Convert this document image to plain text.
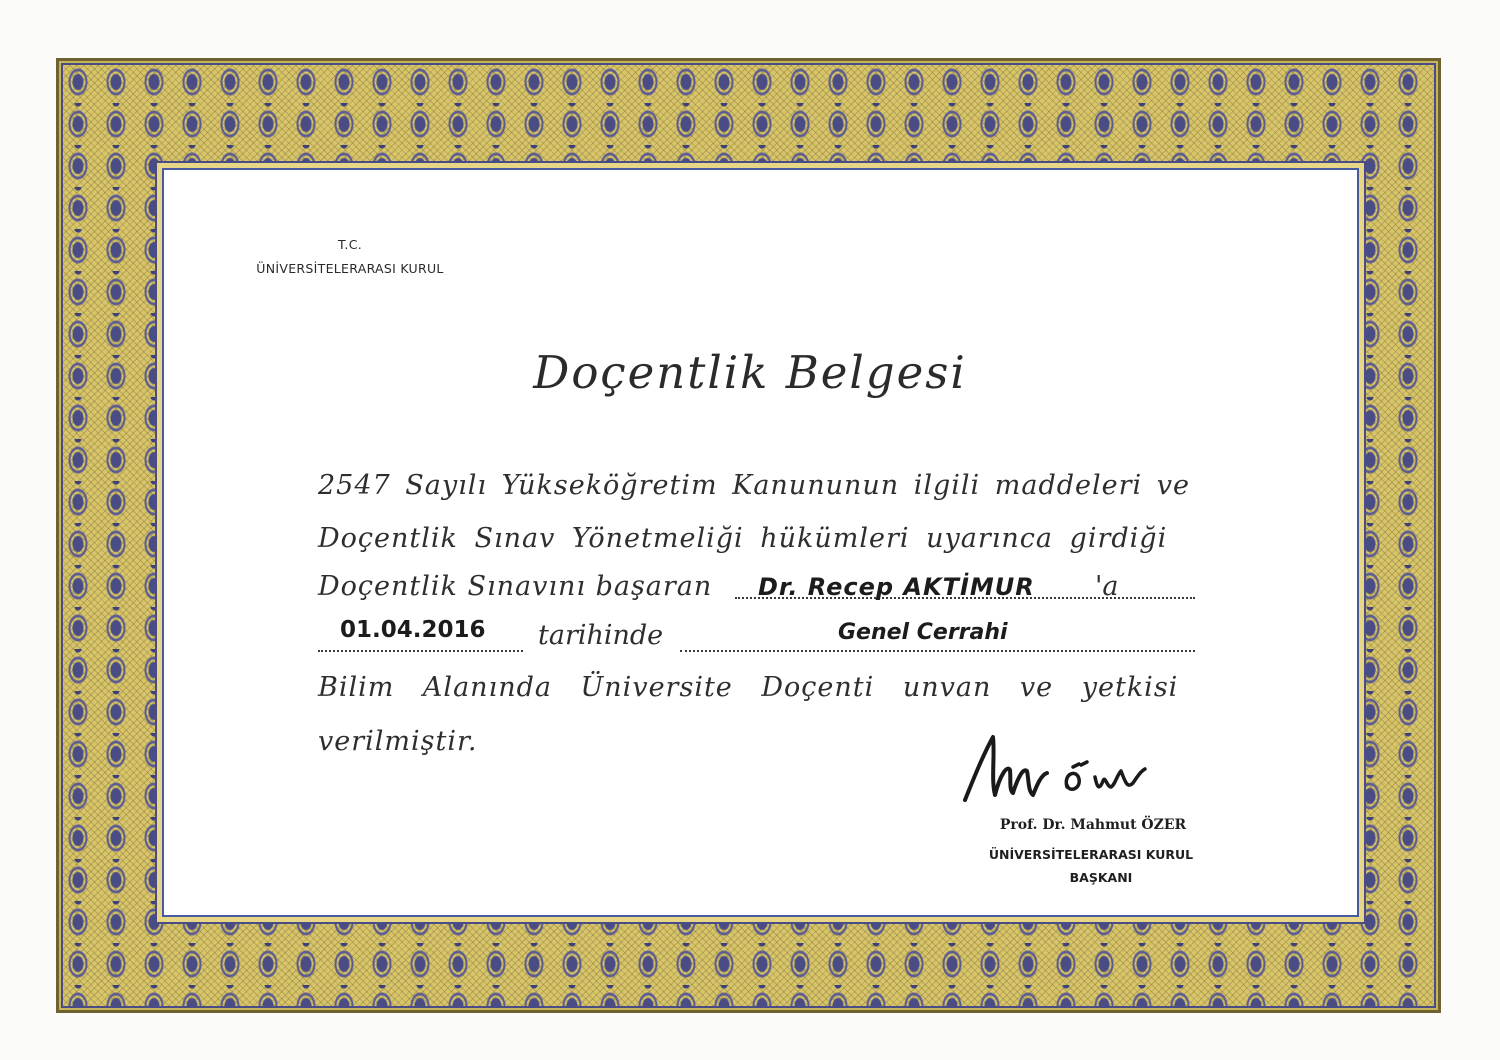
T.C.
ÜNİVERSİTELERARASI KURUL
Doçentlik Belgesi
2547 Sayılı Yükseköğretim Kanununun ilgili maddeleri ve
Doçentlik Sınav Yönetmeliği hükümleri uyarınca girdiği
Doçentlik Sınavını başaran	Dr. Recep AKTİMUR 'a
01.04.2016 tarihinde	Genel Cerrahi
Bilim Alanında Üniversite Doçenti unvan ve yetkisi
verilmiştir.
Prof. Dr. Mahmut ÖZER
ÜNİVERSİTELERARASI KURUL
BAŞKANI
